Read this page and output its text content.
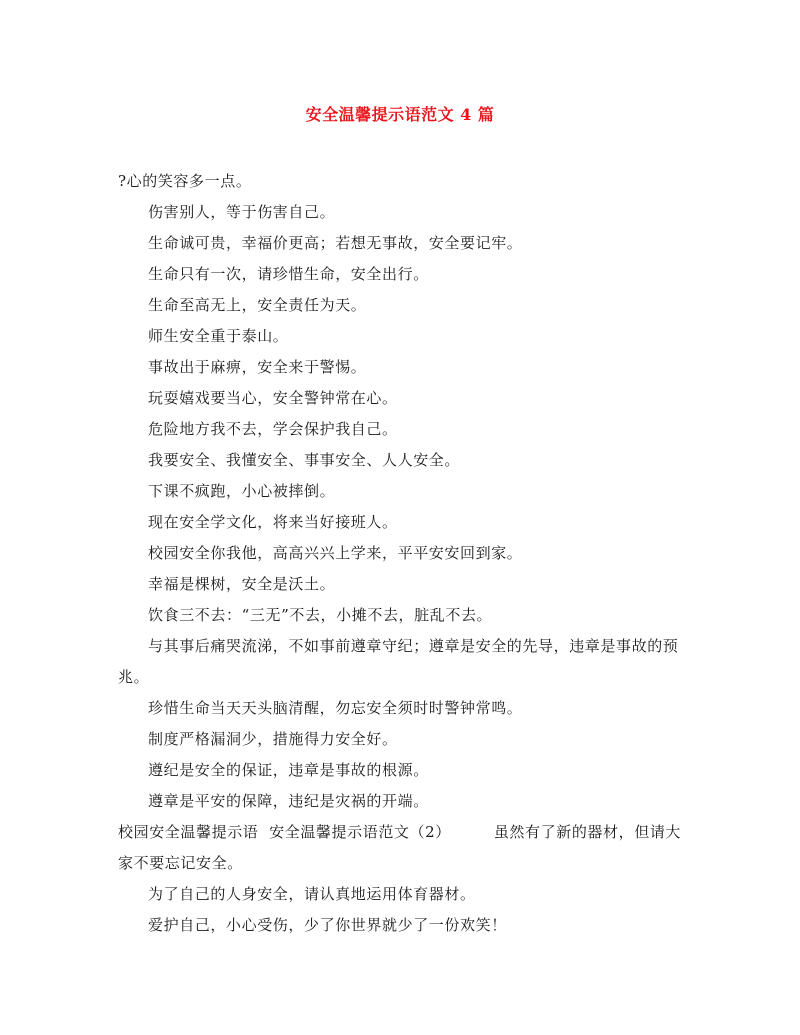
安全温馨提示语范文 4 篇
?心的笑容多一点。
伤害别人，等于伤害自己。
生命诚可贵，幸福价更高；若想无事故，安全要记牢。
生命只有一次，请珍惜生命，安全出行。
生命至高无上，安全责任为天。
师生安全重于泰山。
事故出于麻痹，安全来于警惕。
玩耍嬉戏要当心，安全警钟常在心。
危险地方我不去，学会保护我自己。
我要安全、我懂安全、事事安全、人人安全。
下课不疯跑，小心被摔倒。
现在安全学文化，将来当好接班人。
校园安全你我他，高高兴兴上学来，平平安安回到家。
幸福是棵树，安全是沃土。
饮食三不去：“三无”不去，小摊不去，脏乱不去。
与其事后痛哭流涕，不如事前遵章守纪；遵章是安全的先导，违章是事故的预
兆。
珍惜生命当天天头脑清醒，勿忘安全须时时警钟常鸣。
制度严格漏洞少，措施得力安全好。
遵纪是安全的保证，违章是事故的根源。
遵章是平安的保障，违纪是灾祸的开端。
校园安全温馨提示语  安全温馨提示语范文（2）        虽然有了新的器材，但请大
家不要忘记安全。
为了自己的人身安全，请认真地运用体育器材。
爱护自己，小心受伤，少了你世界就少了一份欢笑！
